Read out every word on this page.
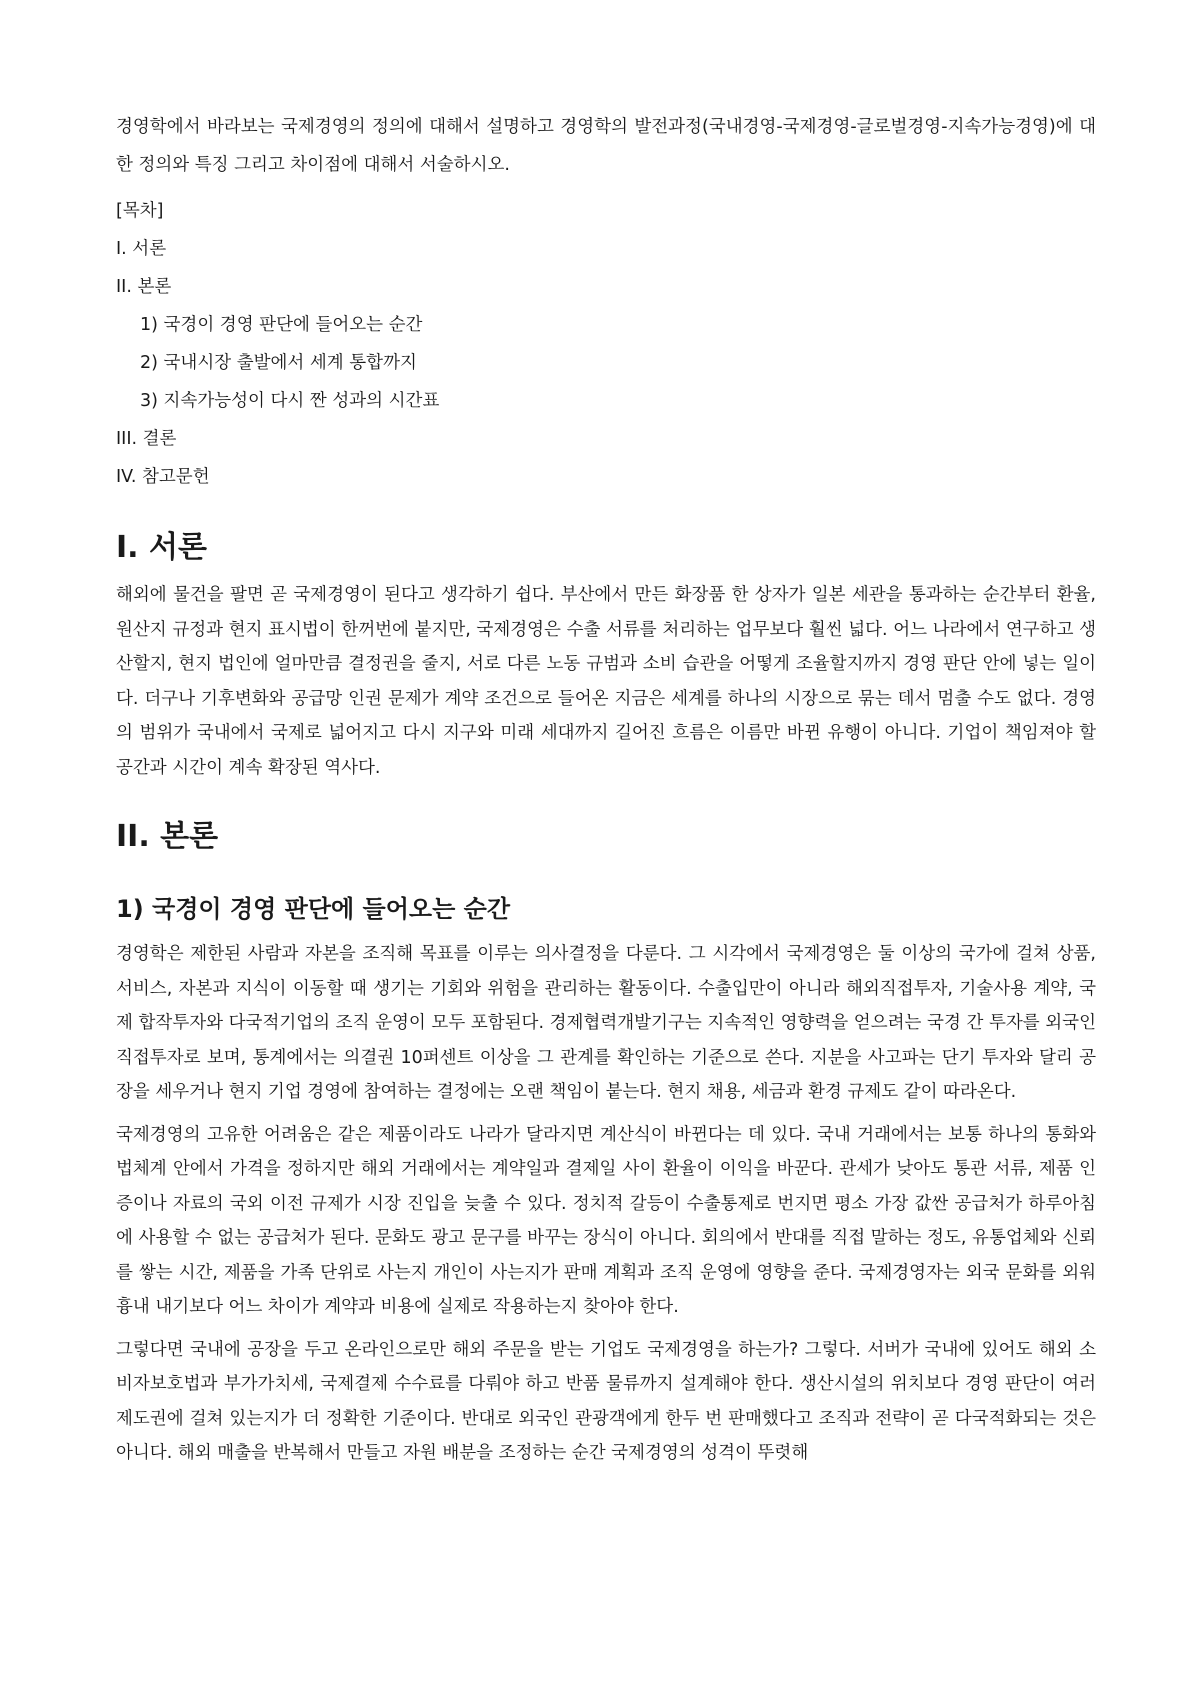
경영학에서 바라보는 국제경영의 정의에 대해서 설명하고 경영학의 발전과정(국내경영-국제경영-글로벌경영-지속가능경영)에 대한 정의와 특징 그리고 차이점에 대해서 서술하시오.

[목차]
I. 서론
II. 본론
1) 국경이 경영 판단에 들어오는 순간
2) 국내시장 출발에서 세계 통합까지
3) 지속가능성이 다시 짠 성과의 시간표
III. 결론
IV. 참고문헌
I. 서론

해외에 물건을 팔면 곧 국제경영이 된다고 생각하기 쉽다. 부산에서 만든 화장품 한 상자가 일본 세관을 통과하는 순간부터 환율, 원산지 규정과 현지 표시법이 한꺼번에 붙지만, 국제경영은 수출 서류를 처리하는 업무보다 훨씬 넓다. 어느 나라에서 연구하고 생산할지, 현지 법인에 얼마만큼 결정권을 줄지, 서로 다른 노동 규범과 소비 습관을 어떻게 조율할지까지 경영 판단 안에 넣는 일이다. 더구나 기후변화와 공급망 인권 문제가 계약 조건으로 들어온 지금은 세계를 하나의 시장으로 묶는 데서 멈출 수도 없다. 경영의 범위가 국내에서 국제로 넓어지고 다시 지구와 미래 세대까지 길어진 흐름은 이름만 바뀐 유행이 아니다. 기업이 책임져야 할 공간과 시간이 계속 확장된 역사다.

II. 본론
1) 국경이 경영 판단에 들어오는 순간

경영학은 제한된 사람과 자본을 조직해 목표를 이루는 의사결정을 다룬다. 그 시각에서 국제경영은 둘 이상의 국가에 걸쳐 상품, 서비스, 자본과 지식이 이동할 때 생기는 기회와 위험을 관리하는 활동이다. 수출입만이 아니라 해외직접투자, 기술사용 계약, 국제 합작투자와 다국적기업의 조직 운영이 모두 포함된다. 경제협력개발기구는 지속적인 영향력을 얻으려는 국경 간 투자를 외국인직접투자로 보며, 통계에서는 의결권 10퍼센트 이상을 그 관계를 확인하는 기준으로 쓴다. 지분을 사고파는 단기 투자와 달리 공장을 세우거나 현지 기업 경영에 참여하는 결정에는 오랜 책임이 붙는다. 현지 채용, 세금과 환경 규제도 같이 따라온다.

국제경영의 고유한 어려움은 같은 제품이라도 나라가 달라지면 계산식이 바뀐다는 데 있다. 국내 거래에서는 보통 하나의 통화와 법체계 안에서 가격을 정하지만 해외 거래에서는 계약일과 결제일 사이 환율이 이익을 바꾼다. 관세가 낮아도 통관 서류, 제품 인증이나 자료의 국외 이전 규제가 시장 진입을 늦출 수 있다. 정치적 갈등이 수출통제로 번지면 평소 가장 값싼 공급처가 하루아침에 사용할 수 없는 공급처가 된다. 문화도 광고 문구를 바꾸는 장식이 아니다. 회의에서 반대를 직접 말하는 정도, 유통업체와 신뢰를 쌓는 시간, 제품을 가족 단위로 사는지 개인이 사는지가 판매 계획과 조직 운영에 영향을 준다. 국제경영자는 외국 문화를 외워 흉내 내기보다 어느 차이가 계약과 비용에 실제로 작용하는지 찾아야 한다.

그렇다면 국내에 공장을 두고 온라인으로만 해외 주문을 받는 기업도 국제경영을 하는가? 그렇다. 서버가 국내에 있어도 해외 소비자보호법과 부가가치세, 국제결제 수수료를 다뤄야 하고 반품 물류까지 설계해야 한다. 생산시설의 위치보다 경영 판단이 여러 제도권에 걸쳐 있는지가 더 정확한 기준이다. 반대로 외국인 관광객에게 한두 번 판매했다고 조직과 전략이 곧 다국적화되는 것은 아니다. 해외 매출을 반복해서 만들고 자원 배분을 조정하는 순간 국제경영의 성격이 뚜렷해
